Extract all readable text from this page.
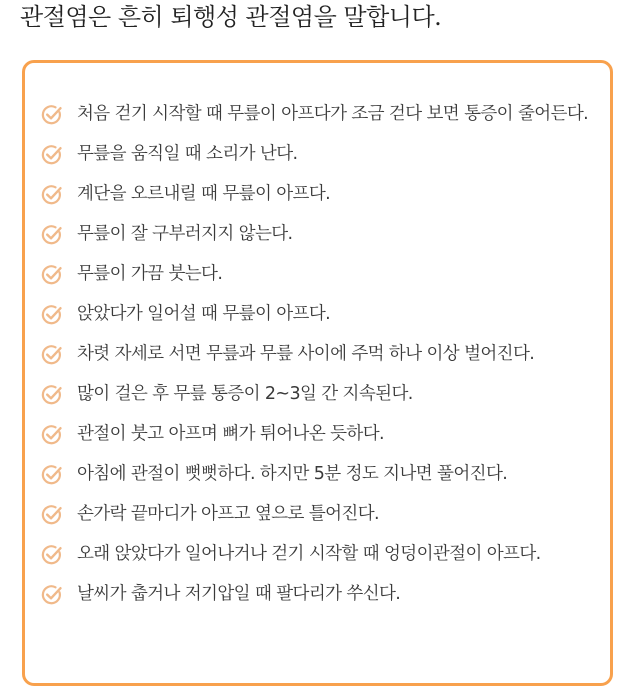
관절염은 흔히 퇴행성 관절염을 말합니다.
처음 걷기 시작할 때 무릎이 아프다가 조금 걷다 보면 통증이 줄어든다.
무릎을 움직일 때 소리가 난다.
계단을 오르내릴 때 무릎이 아프다.
무릎이 잘 구부러지지 않는다.
무릎이 가끔 붓는다.
앉았다가 일어설 때 무릎이 아프다.
차렷 자세로 서면 무릎과 무릎 사이에 주먹 하나 이상 벌어진다.
많이 걸은 후 무릎 통증이 2~3일 간 지속된다.
관절이 붓고 아프며 뼈가 튀어나온 듯하다.
아침에 관절이 뻣뻣하다. 하지만 5분 정도 지나면 풀어진다.
손가락 끝마디가 아프고 옆으로 틀어진다.
오래 앉았다가 일어나거나 걷기 시작할 때 엉덩이관절이 아프다.
날씨가 춥거나 저기압일 때 팔다리가 쑤신다.
